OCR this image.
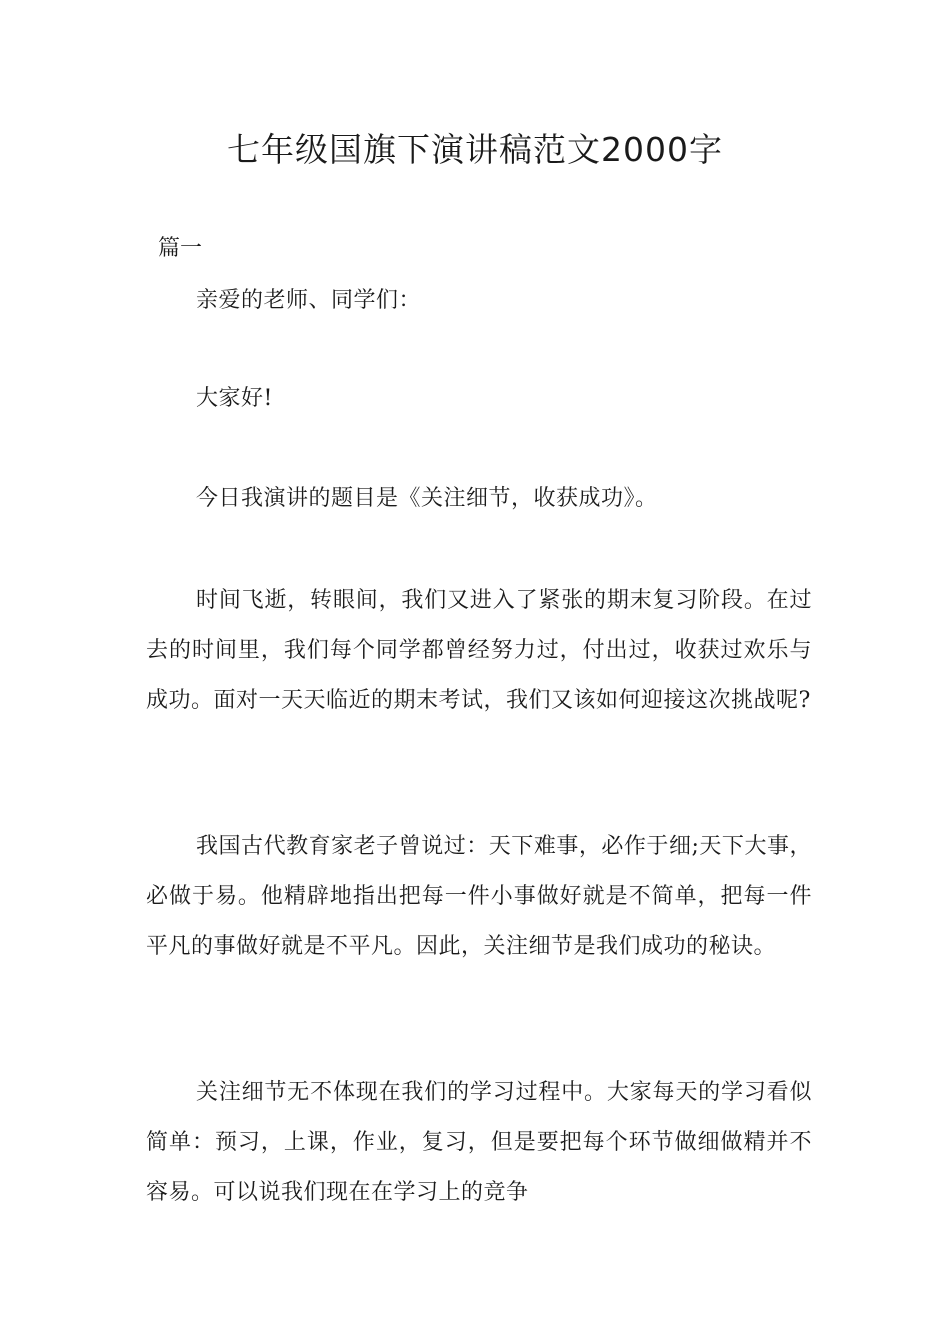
七年级国旗下演讲稿范文2000字
篇一
亲爱的老师、同学们：
大家好!
今日我演讲的题目是《关注细节，收获成功》。
时间飞逝，转眼间，我们又进入了紧张的期末复习阶段。在过去的时间里，我们每个同学都曾经努力过，付出过，收获过欢乐与成功。面对一天天临近的期末考试，我们又该如何迎接这次挑战呢?
我国古代教育家老子曾说过：天下难事，必作于细;天下大事，必做于易。他精辟地指出把每一件小事做好就是不简单，把每一件平凡的事做好就是不平凡。因此，关注细节是我们成功的秘诀。
关注细节无不体现在我们的学习过程中。大家每天的学习看似简单：预习，上课，作业，复习，但是要把每个环节做细做精并不容易。可以说我们现在在学习上的竞争
